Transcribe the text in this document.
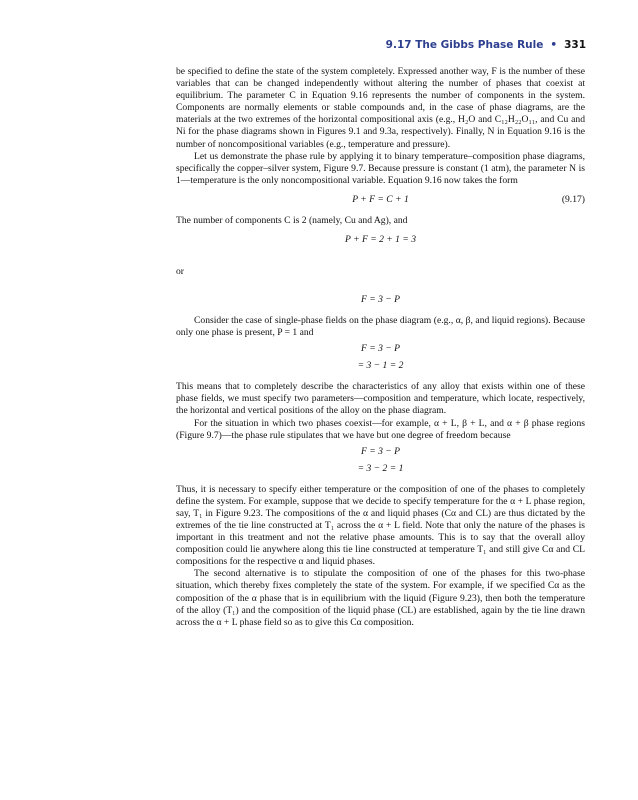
9.17 The Gibbs Phase Rule • 331

be specified to define the state of the system completely. Expressed another way, F is the number of these variables that can be changed independently without altering the number of phases that coexist at equilibrium. The parameter C in Equation 9.16 represents the number of components in the system. Components are normally elements or stable compounds and, in the case of phase diagrams, are the materials at the two extremes of the horizontal compositional axis (e.g., H₂O and C₁₂H₂₂O₁₁, and Cu and Ni for the phase diagrams shown in Figures 9.1 and 9.3a, respectively). Finally, N in Equation 9.16 is the number of noncompositional variables (e.g., temperature and pressure).

Let us demonstrate the phase rule by applying it to binary temperature–composition phase diagrams, specifically the copper–silver system, Figure 9.7. Because pressure is constant (1 atm), the parameter N is 1—temperature is the only noncompositional variable. Equation 9.16 now takes the form

P + F = C + 1	(9.17)

The number of components C is 2 (namely, Cu and Ag), and

P + F = 2 + 1 = 3
or
F = 3 − P

Consider the case of single-phase fields on the phase diagram (e.g., α, β, and liquid regions). Because only one phase is present, P = 1 and

F = 3 − P
= 3 − 1 = 2

This means that to completely describe the characteristics of any alloy that exists within one of these phase fields, we must specify two parameters—composition and temperature, which locate, respectively, the horizontal and vertical positions of the alloy on the phase diagram.

For the situation in which two phases coexist—for example, α + L, β + L, and α + β phase regions (Figure 9.7)—the phase rule stipulates that we have but one degree of freedom because

F = 3 − P
= 3 − 2 = 1

Thus, it is necessary to specify either temperature or the composition of one of the phases to completely define the system. For example, suppose that we decide to specify temperature for the α + L phase region, say, T₁ in Figure 9.23. The compositions of the α and liquid phases (Cα and CL) are thus dictated by the extremes of the tie line constructed at T₁ across the α + L field. Note that only the nature of the phases is important in this treatment and not the relative phase amounts. This is to say that the overall alloy composition could lie anywhere along this tie line constructed at temperature T₁ and still give Cα and CL compositions for the respective α and liquid phases.

The second alternative is to stipulate the composition of one of the phases for this two-phase situation, which thereby fixes completely the state of the system. For example, if we specified Cα as the composition of the α phase that is in equilibrium with the liquid (Figure 9.23), then both the temperature of the alloy (T₁) and the composition of the liquid phase (CL) are established, again by the tie line drawn across the α + L phase field so as to give this Cα composition.
